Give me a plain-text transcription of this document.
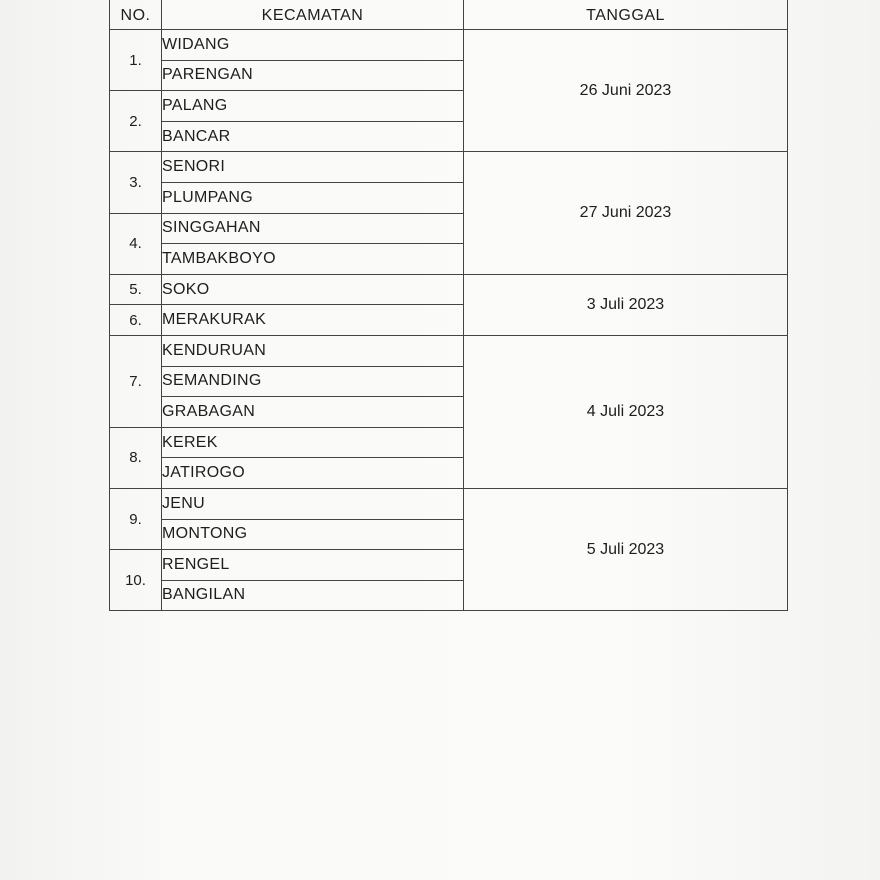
NO.	KECAMATAN	TANGGAL
1.	WIDANG	26 Juni 2023
	PARENGAN	
2.	PALANG	
	BANCAR	
3.	SENORI	27 Juni 2023
	PLUMPANG	
4.	SINGGAHAN	
	TAMBAKBOYO	
5.	SOKO	3 Juli 2023
6.	MERAKURAK	
7.	KENDURUAN	4 Juli 2023
	SEMANDING	
	GRABAGAN	
8.	KEREK	
	JATIROGO	
9.	JENU	5 Juli 2023
	MONTONG	
10.	RENGEL	
	BANGILAN	
